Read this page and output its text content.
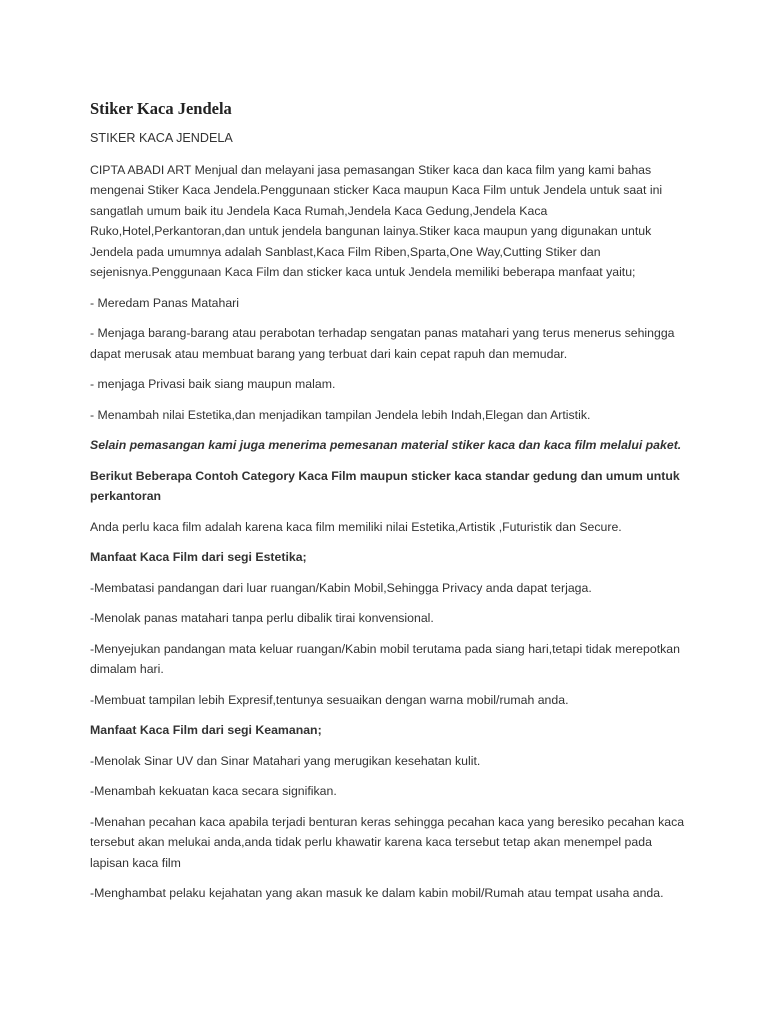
Stiker Kaca Jendela

STIKER KACA JENDELA

CIPTA ABADI ART Menjual dan melayani jasa pemasangan Stiker kaca dan kaca film yang kami bahas mengenai Stiker Kaca Jendela.Penggunaan sticker Kaca maupun Kaca Film untuk Jendela untuk saat ini sangatlah umum baik itu Jendela Kaca Rumah,Jendela Kaca Gedung,Jendela Kaca Ruko,Hotel,Perkantoran,dan untuk jendela bangunan lainya.Stiker kaca maupun yang digunakan untuk Jendela pada umumnya adalah Sanblast,Kaca Film Riben,Sparta,One Way,Cutting Stiker dan sejenisnya.Penggunaan Kaca Film dan sticker kaca untuk Jendela memiliki beberapa manfaat yaitu;

- Meredam Panas Matahari

- Menjaga barang-barang atau perabotan terhadap sengatan panas matahari yang terus menerus sehingga dapat merusak atau membuat barang yang terbuat dari kain cepat rapuh dan memudar.

- menjaga Privasi baik siang maupun malam.

- Menambah nilai Estetika,dan menjadikan tampilan Jendela lebih Indah,Elegan dan Artistik.

Selain pemasangan kami juga menerima pemesanan material stiker kaca dan kaca film melalui paket.

Berikut Beberapa Contoh Category Kaca Film maupun sticker kaca standar gedung dan umum untuk perkantoran

Anda perlu kaca film adalah karena kaca film memiliki nilai Estetika,Artistik ,Futuristik dan Secure.

Manfaat Kaca Film dari segi Estetika;

-Membatasi pandangan dari luar ruangan/Kabin Mobil,Sehingga Privacy anda dapat terjaga.

-Menolak panas matahari tanpa perlu dibalik tirai konvensional.

-Menyejukan pandangan mata keluar ruangan/Kabin mobil terutama pada siang hari,tetapi tidak merepotkan dimalam hari.

-Membuat tampilan lebih Expresif,tentunya sesuaikan dengan warna mobil/rumah anda.

Manfaat Kaca Film dari segi Keamanan;

-Menolak Sinar UV dan Sinar Matahari yang merugikan kesehatan kulit.

-Menambah kekuatan kaca secara signifikan.

-Menahan pecahan kaca apabila terjadi benturan keras sehingga pecahan kaca yang beresiko pecahan kaca tersebut akan melukai anda,anda tidak perlu khawatir karena kaca tersebut tetap akan menempel pada lapisan kaca film

-Menghambat pelaku kejahatan yang akan masuk ke dalam kabin mobil/Rumah atau tempat usaha anda.
